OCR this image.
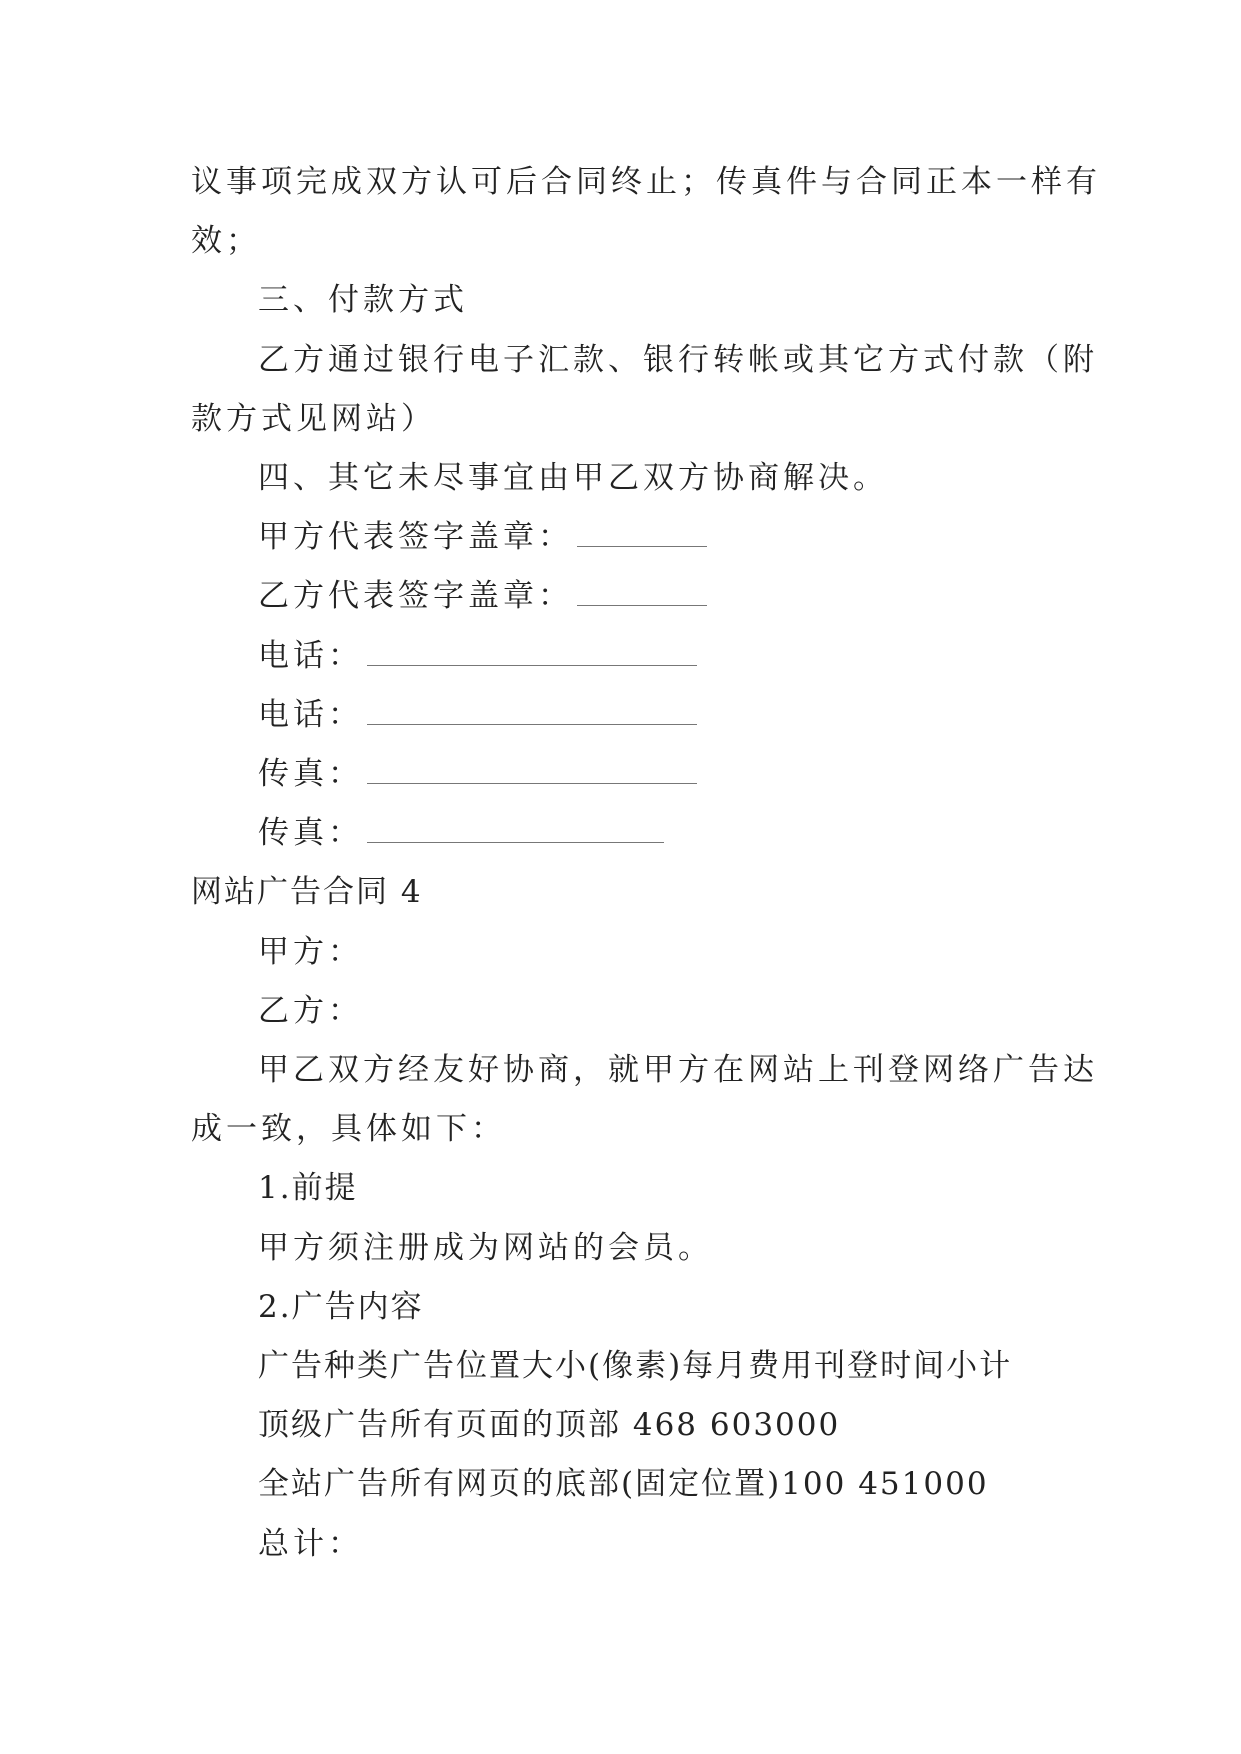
议事项完成双方认可后合同终止；传真件与合同正本一样有
效；
三、付款方式
乙方通过银行电子汇款、银行转帐或其它方式付款（附
款方式见网站）
四、其它未尽事宜由甲乙双方协商解决。
甲方代表签字盖章：
乙方代表签字盖章：
电话：
电话：
传真：
传真：
网站广告合同 4
甲方：
乙方：
甲乙双方经友好协商，就甲方在网站上刊登网络广告达
成一致，具体如下：
1.前提
甲方须注册成为网站的会员。
2.广告内容
广告种类广告位置大小(像素)每月费用刊登时间小计
顶级广告所有页面的顶部 468 603000
全站广告所有网页的底部(固定位置)100 451000
总计：
